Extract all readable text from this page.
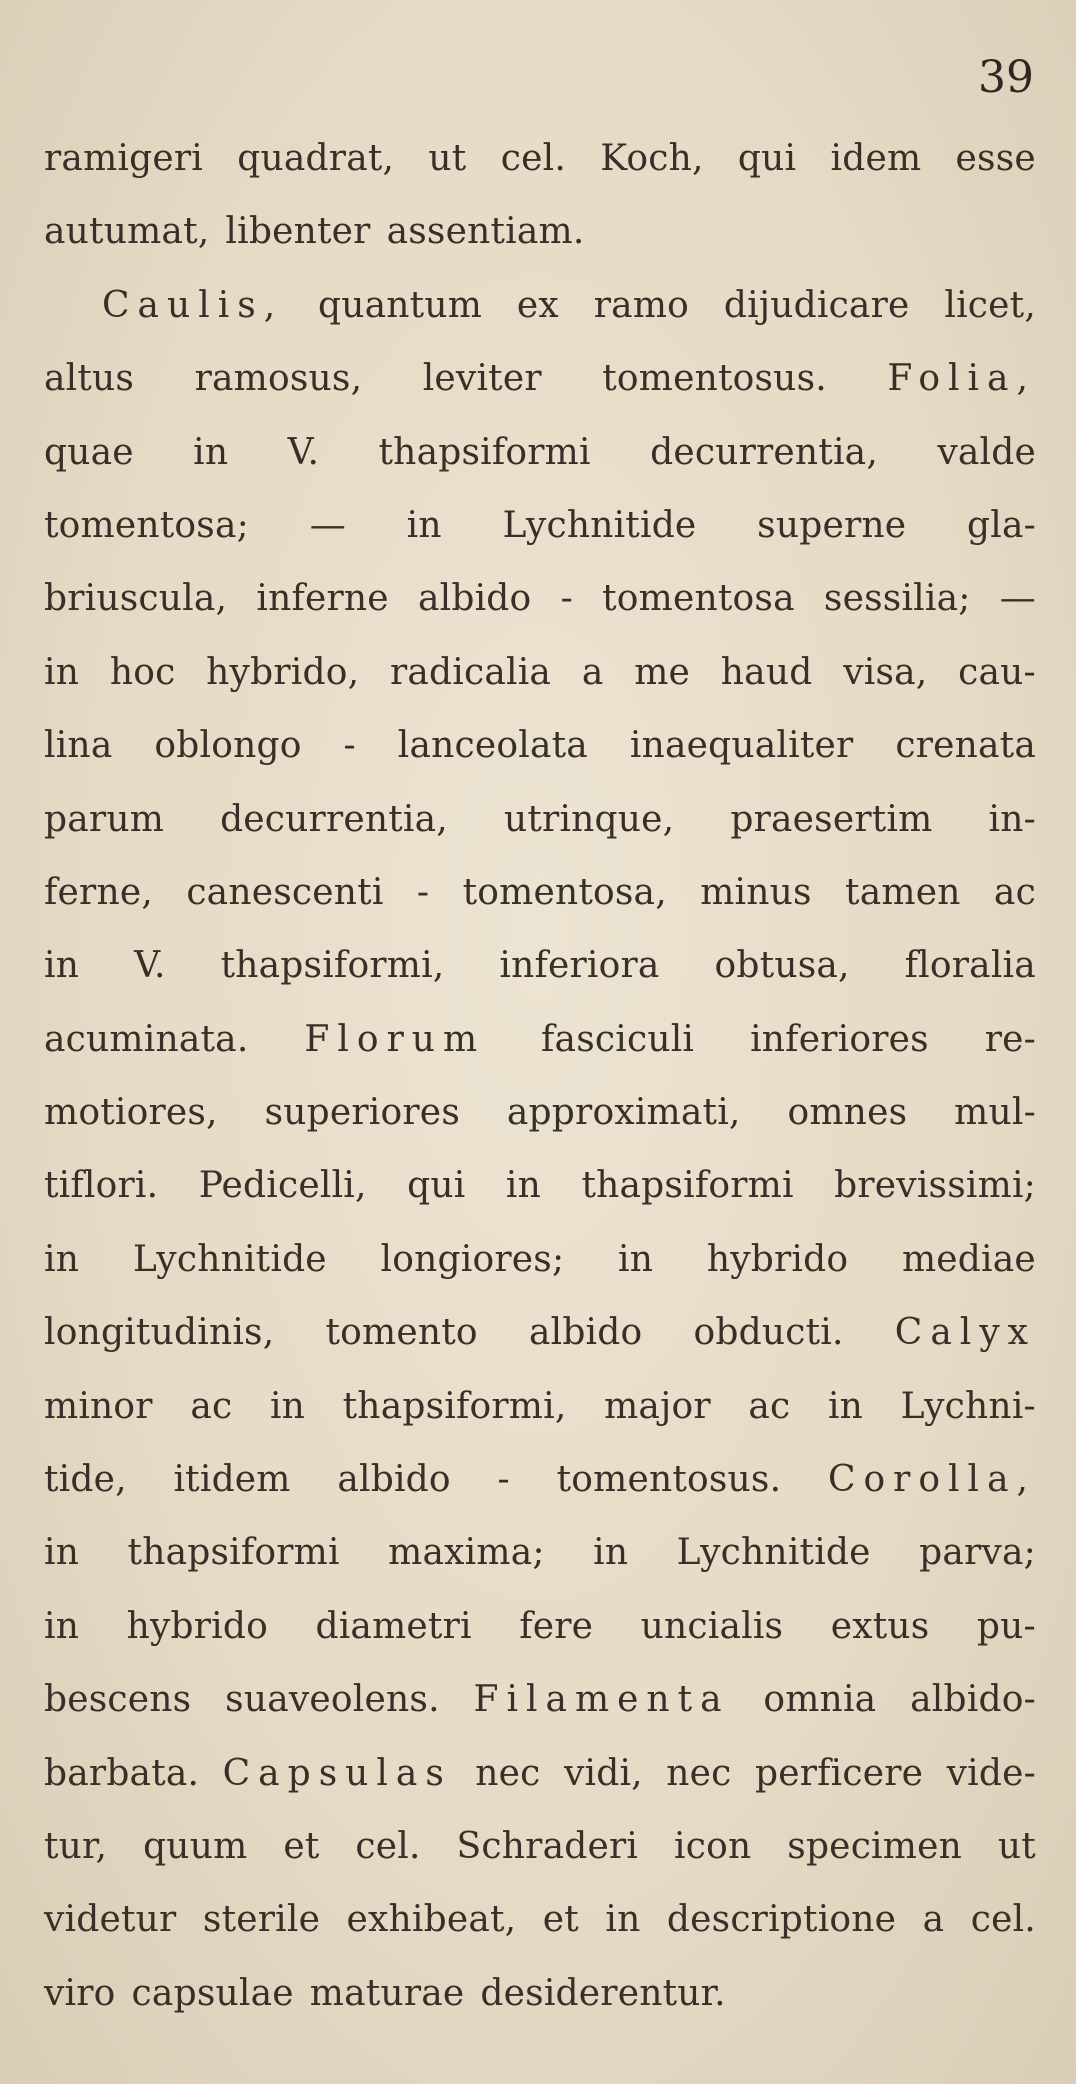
39
ramigeri quadrat, ut cel. Koch, qui idem esse
autumat, libenter assentiam.
Caulis, quantum ex ramo dijudicare licet,
altus ramosus, leviter tomentosus. Folia,
quae in V. thapsiformi decurrentia, valde
tomentosa; — in Lychnitide superne gla-
briuscula, inferne albido - tomentosa sessilia; —
in hoc hybrido, radicalia a me haud visa, cau-
lina oblongo - lanceolata inaequaliter crenata
parum decurrentia, utrinque, praesertim in-
ferne, canescenti - tomentosa, minus tamen ac
in V. thapsiformi, inferiora obtusa, floralia
acuminata. Florum fasciculi inferiores re-
motiores, superiores approximati, omnes mul-
tiflori. Pedicelli, qui in thapsiformi brevissimi;
in Lychnitide longiores; in hybrido mediae
longitudinis, tomento albido obducti. Calyx
minor ac in thapsiformi, major ac in Lychni-
tide, itidem albido - tomentosus. Corolla,
in thapsiformi maxima; in Lychnitide parva;
in hybrido diametri fere uncialis extus pu-
bescens suaveolens. Filamenta omnia albido-
barbata. Capsulas nec vidi, nec perficere vide-
tur, quum et cel. Schraderi icon specimen ut
videtur sterile exhibeat, et in descriptione a cel.
viro capsulae maturae desiderentur.
